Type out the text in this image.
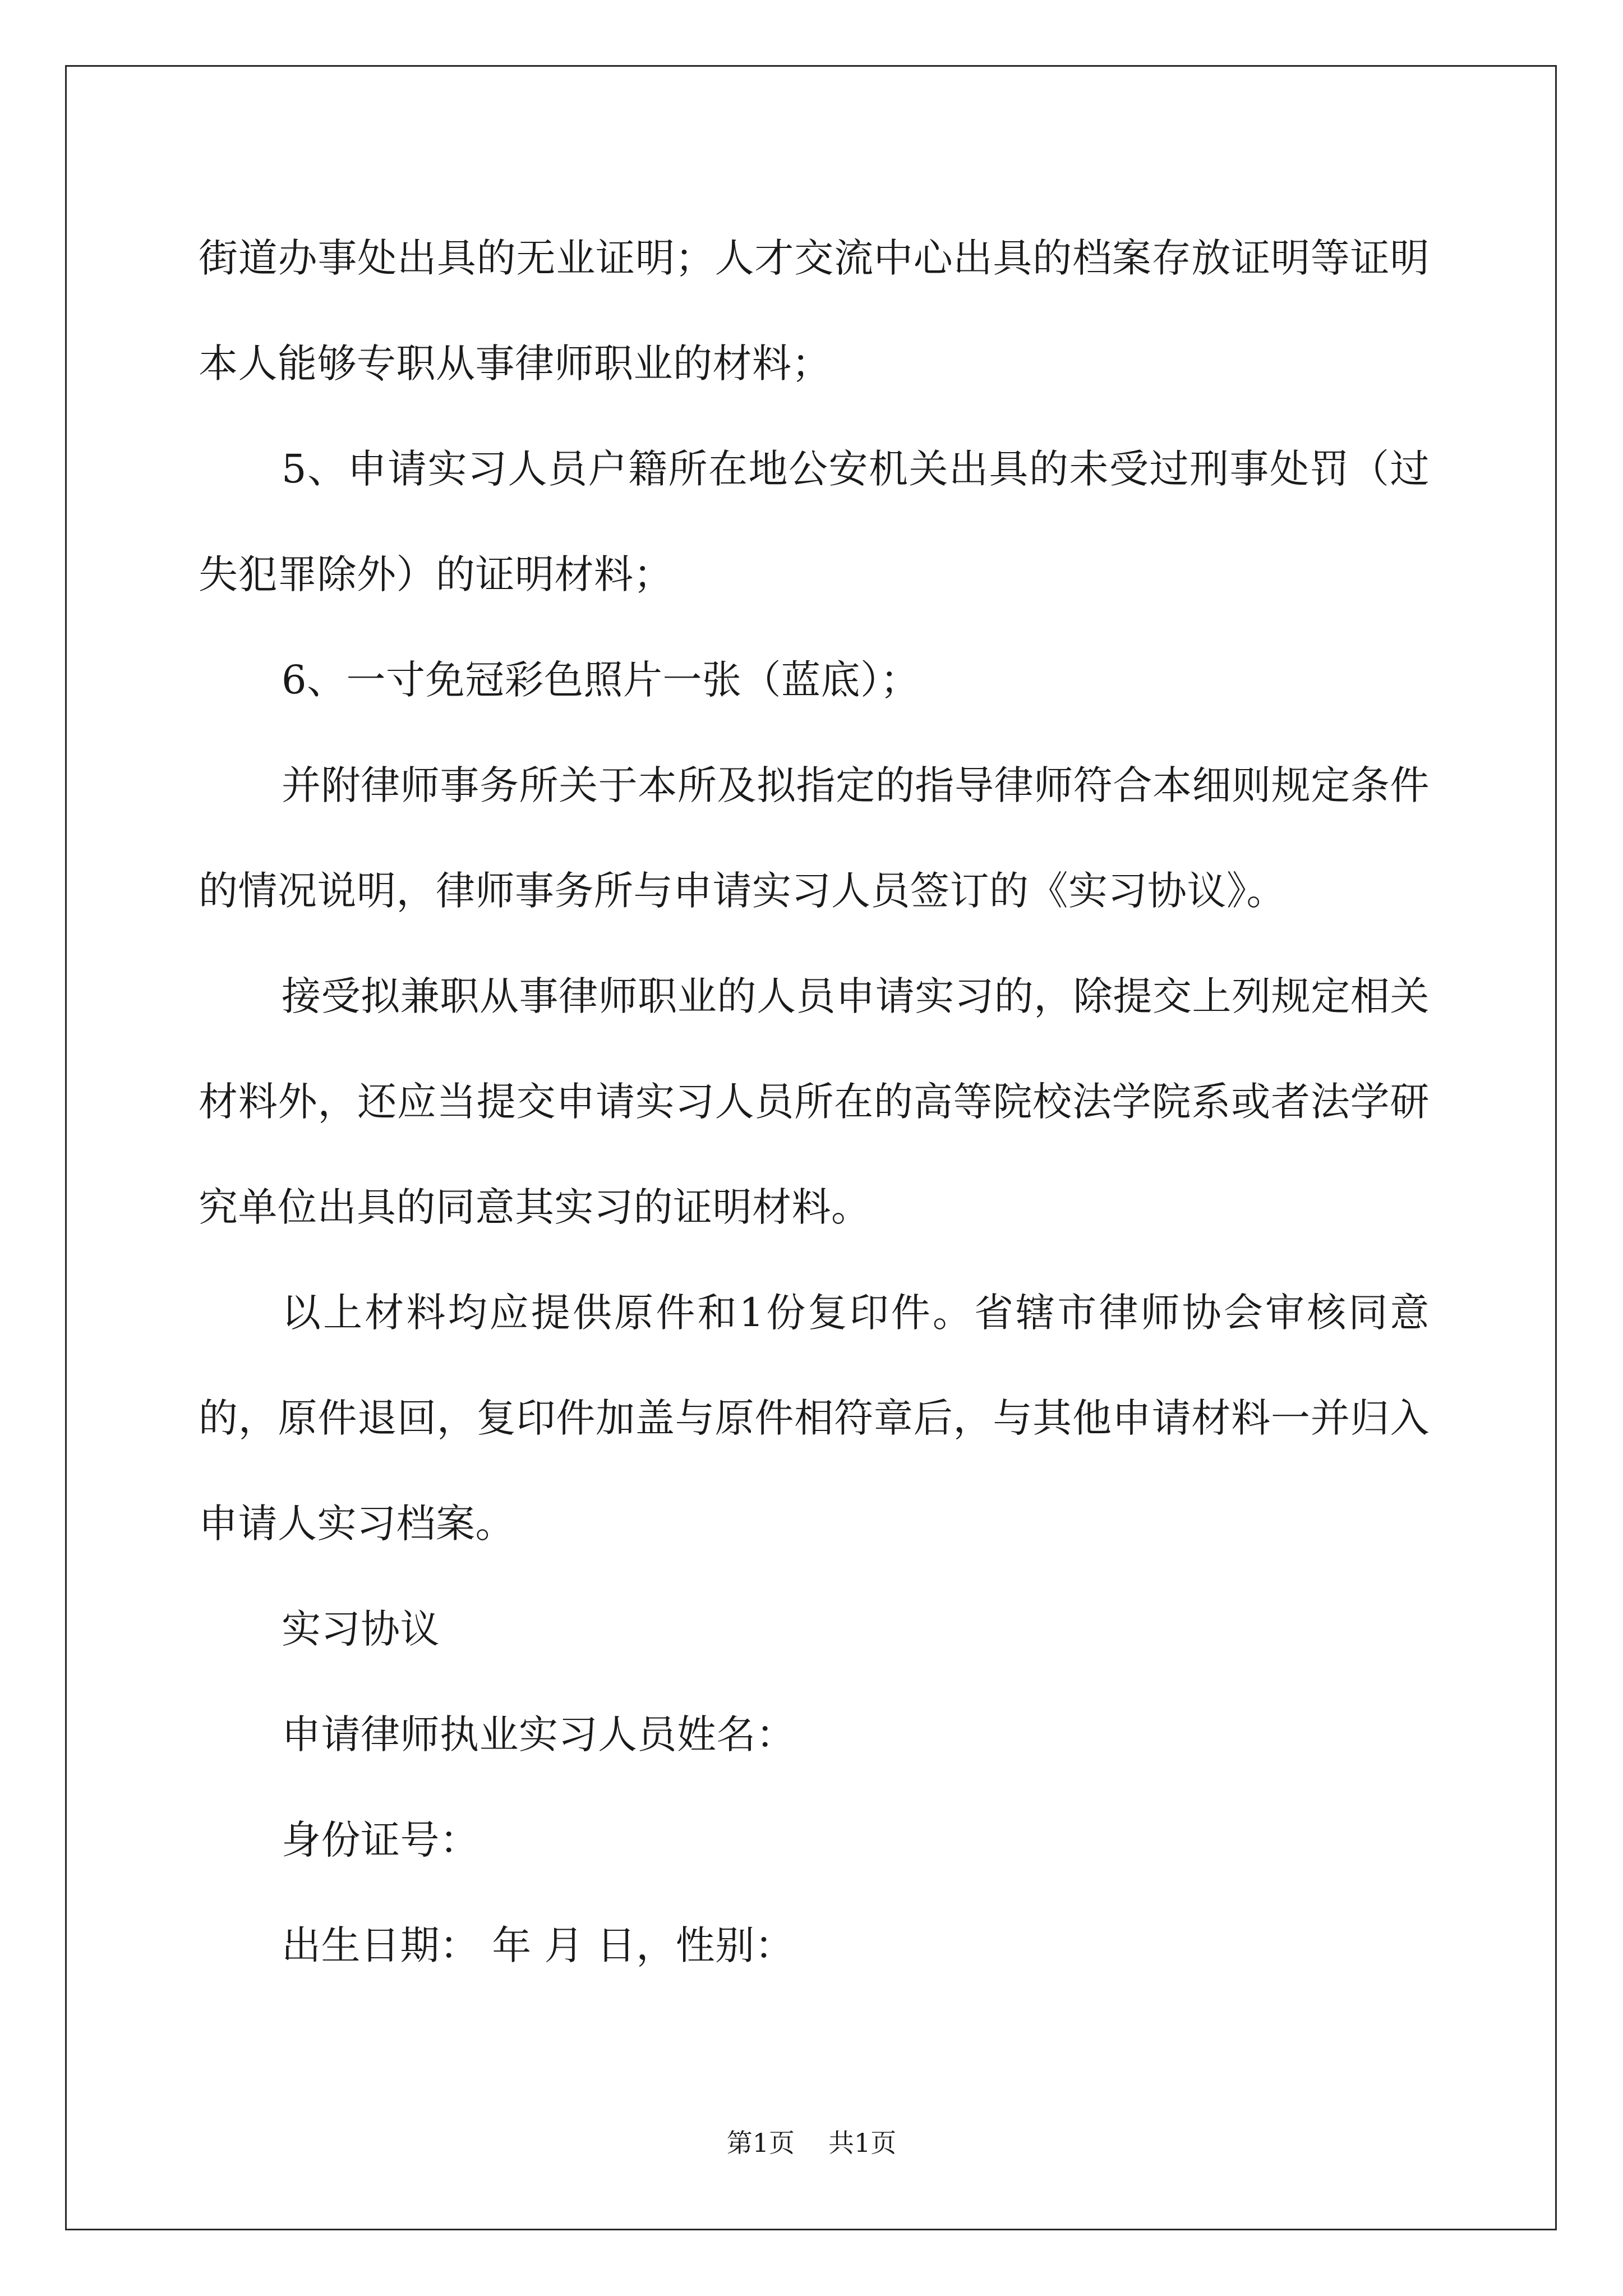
街道办事处出具的无业证明；人才交流中心出具的档案存放证明等证明本人能够专职从事律师职业的材料；

5、申请实习人员户籍所在地公安机关出具的未受过刑事处罚（过失犯罪除外）的证明材料；

6、一寸免冠彩色照片一张（蓝底）；

并附律师事务所关于本所及拟指定的指导律师符合本细则规定条件的情况说明，律师事务所与申请实习人员签订的《实习协议》。

接受拟兼职从事律师职业的人员申请实习的，除提交上列规定相关材料外，还应当提交申请实习人员所在的高等院校法学院系或者法学研究单位出具的同意其实习的证明材料。

以上材料均应提供原件和1份复印件。省辖市律师协会审核同意的，原件退回，复印件加盖与原件相符章后，与其他申请材料一并归入申请人实习档案。

实习协议

申请律师执业实习人员姓名：

身份证号：

出生日期： 年 月 日，性别：

第1页 共1页
